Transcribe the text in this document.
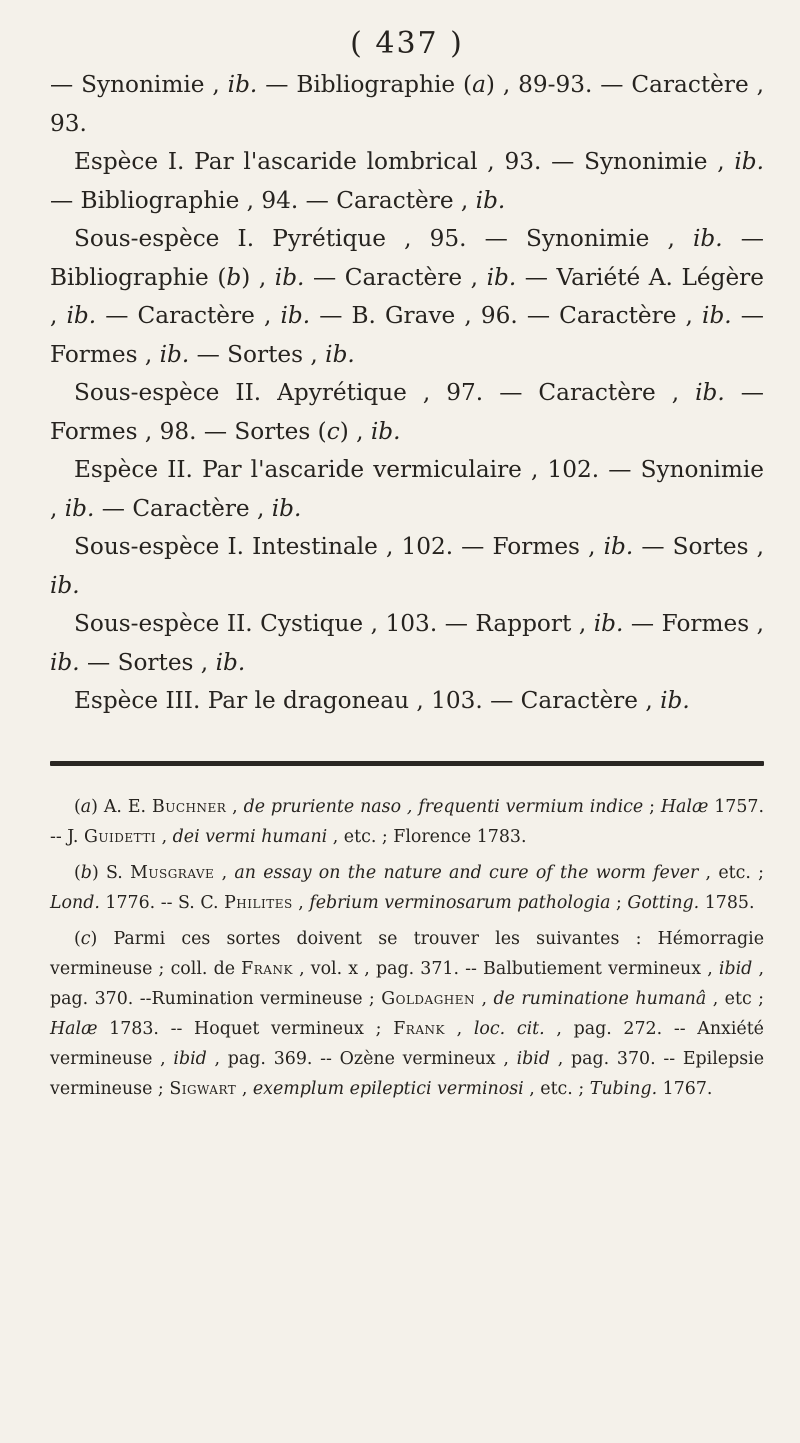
( 437 )

— Synonimie , ib. — Bibliographie (a) , 89-93. — Caractère , 93.

Espèce I. Par l'ascaride lombrical , 93. — Synonimie , ib. — Bibliographie , 94. — Caractère , ib.

Sous-espèce I. Pyrétique , 95. — Synonimie , ib. — Bibliographie (b) , ib. — Caractère , ib. — Variété A. Légère , ib. — Caractère , ib. — B. Grave , 96. — Caractère , ib. — Formes , ib. — Sortes , ib.

Sous-espèce II. Apyrétique , 97. — Caractère , ib. — Formes , 98. — Sortes (c) , ib.

Espèce II. Par l'ascaride vermiculaire , 102. — Synonimie , ib. — Caractère , ib.

Sous-espèce I. Intestinale , 102. — Formes , ib. — Sortes , ib.

Sous-espèce II. Cystique , 103. — Rapport , ib. — Formes , ib. — Sortes , ib.

Espèce III. Par le dragoneau , 103. — Caractère , ib.

(a) A. E. Buchner , de pruriente naso , frequenti vermium indice ; Halæ 1757. -- J. Guidetti , dei vermi humani , etc. ; Florence 1783.

(b) S. Musgrave , an essay on the nature and cure of the worm fever , etc. ; Lond. 1776. -- S. C. Philites , febrium verminosarum pathologia ; Gotting. 1785.

(c) Parmi ces sortes doivent se trouver les suivantes : Hémorragie vermineuse ; coll. de Frank , vol. x , pag. 371. -- Balbutiement vermineux , ibid , pag. 370. --Rumination vermineuse ; Goldaghen , de ruminatione humanâ , etc ; Halæ 1783. -- Hoquet vermineux ; Frank , loc. cit. , pag. 272. -- Anxiété vermineuse , ibid , pag. 369. -- Ozène vermineux , ibid , pag. 370. -- Epilepsie vermineuse ; Sigwart , exemplum epileptici verminosi , etc. ; Tubing. 1767.
